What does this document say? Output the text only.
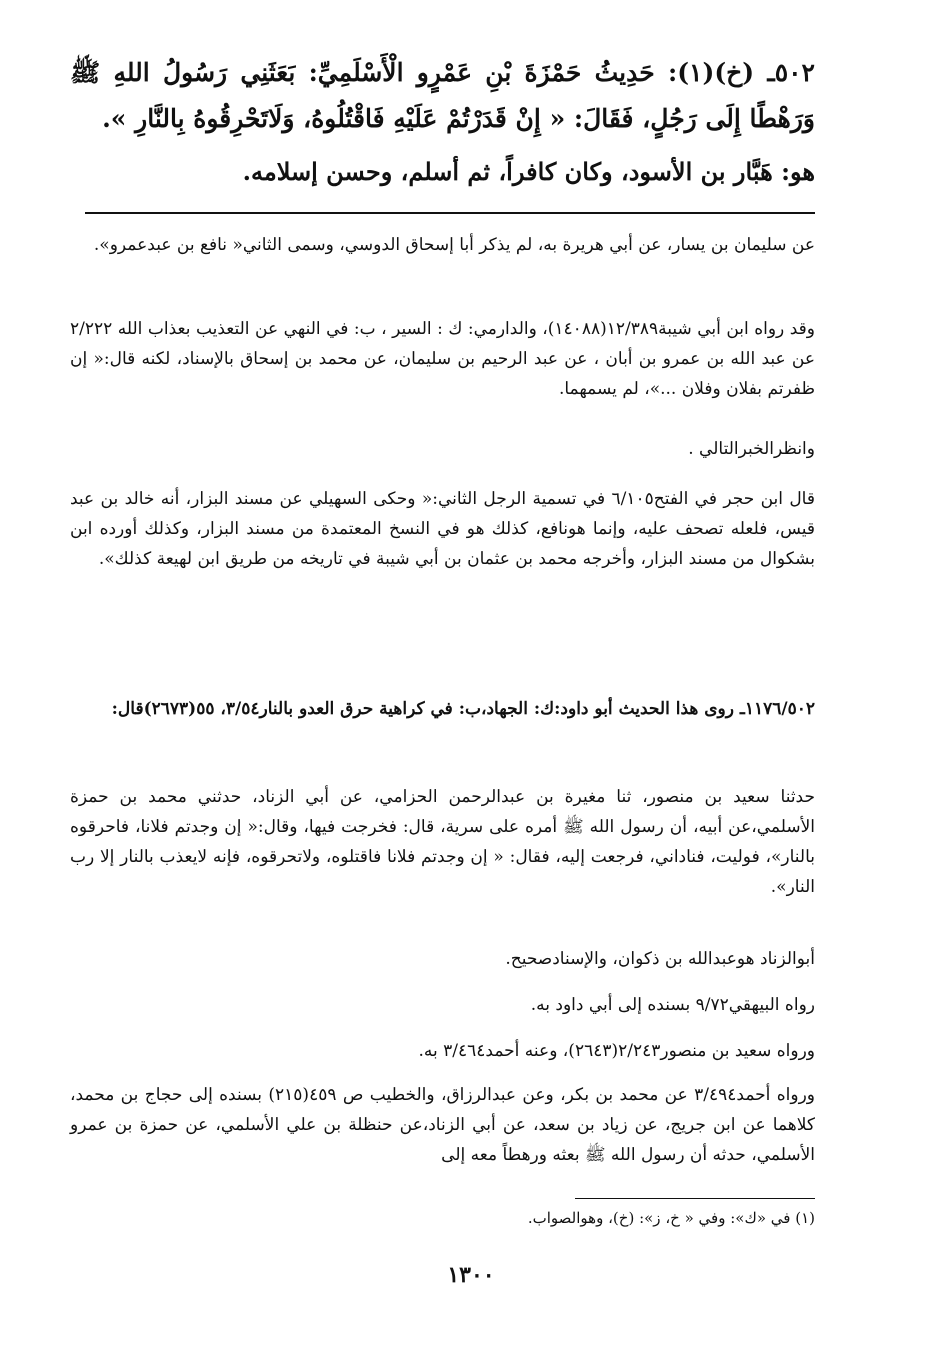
٥٠٢ـ (خ)(١): حَدِيثُ حَمْزَةَ بْنِ عَمْرٍو الْأَسْلَمِيِّ: بَعَثَنِي رَسُولُ اللهِ ﷺ وَرَهْطًا إِلَى رَجُلٍ، فَقَالَ: « إِنْ قَدَرْتُمْ عَلَيْهِ فَاقْتُلُوهُ، وَلَاتَحْرِقُوهُ بِالنَّارِ ».
هو: هَبَّار بن الأسود، وكان كافراً، ثم أسلم، وحسن إسلامه.
عن سليمان بن يسار، عن أبي هريرة به، لم يذكر أبا إسحاق الدوسي، وسمى الثاني« نافع بن عبدعمرو».
وقد رواه ابن أبي شيبة١٢/٣٨٩(١٤٠٨٨)، والدارمي: ك : السير ، ب: في النهي عن التعذيب بعذاب الله ٢/٢٢٢ عن عبد الله بن عمرو بن أبان ، عن عبد الرحيم بن سليمان، عن محمد بن إسحاق بالإسناد، لكنه قال:« إن ظفرتم بفلان وفلان ...»، لم يسمهما.
وانظرالخبرالتالي .
قال ابن حجر في الفتح٦/١٠٥ في تسمية الرجل الثاني:« وحكى السهيلي عن مسند البزار، أنه خالد بن عبد قيس، فلعله تصحف عليه، وإنما هونافع، كذلك هو في النسخ المعتمدة من مسند البزار، وكذلك أورده ابن بشكوال من مسند البزار، وأخرجه محمد بن عثمان بن أبي شيبة في تاريخه من طريق ابن لهيعة كذلك».
١١٧٦/٥٠٢ـ روى هذا الحديث أبو داود:ك: الجهاد،ب: في كراهية حرق العدو بالنار٣/٥٤، ٥٥(٢٦٧٣)قال:
حدثنا سعيد بن منصور، ثنا مغيرة بن عبدالرحمن الحزامي، عن أبي الزناد، حدثني محمد بن حمزة الأسلمي،عن أبيه، أن رسول الله ﷺ أمره على سرية، قال: فخرجت فيها، وقال:« إن وجدتم فلانا، فاحرقوه بالنار»، فوليت، فناداني، فرجعت إليه، فقال: « إن وجدتم فلانا فاقتلوه، ولاتحرقوه، فإنه لايعذب بالنار إلا رب النار».
أبوالزناد هوعبدالله بن ذكوان، والإسنادصحيح.
رواه البيهقي٩/٧٢ بسنده إلى أبي داود به.
ورواه سعيد بن منصور٢/٢٤٣(٢٦٤٣)، وعنه أحمد٣/٤٦٤ به.
ورواه أحمد٣/٤٩٤ عن محمد بن بكر، وعن عبدالرزاق، والخطيب ص ٤٥٩(٢١٥) بسنده إلى حجاج بن محمد، كلاهما عن ابن جريج، عن زياد بن سعد، عن أبي الزناد،عن حنظلة بن علي الأسلمي، عن حمزة بن عمرو الأسلمي، حدثه أن رسول الله ﷺ بعثه ورهطاً معه إلى
(١) في «ك»: وفي « خ، ز»: (خ)، وهوالصواب.
١٣٠٠
